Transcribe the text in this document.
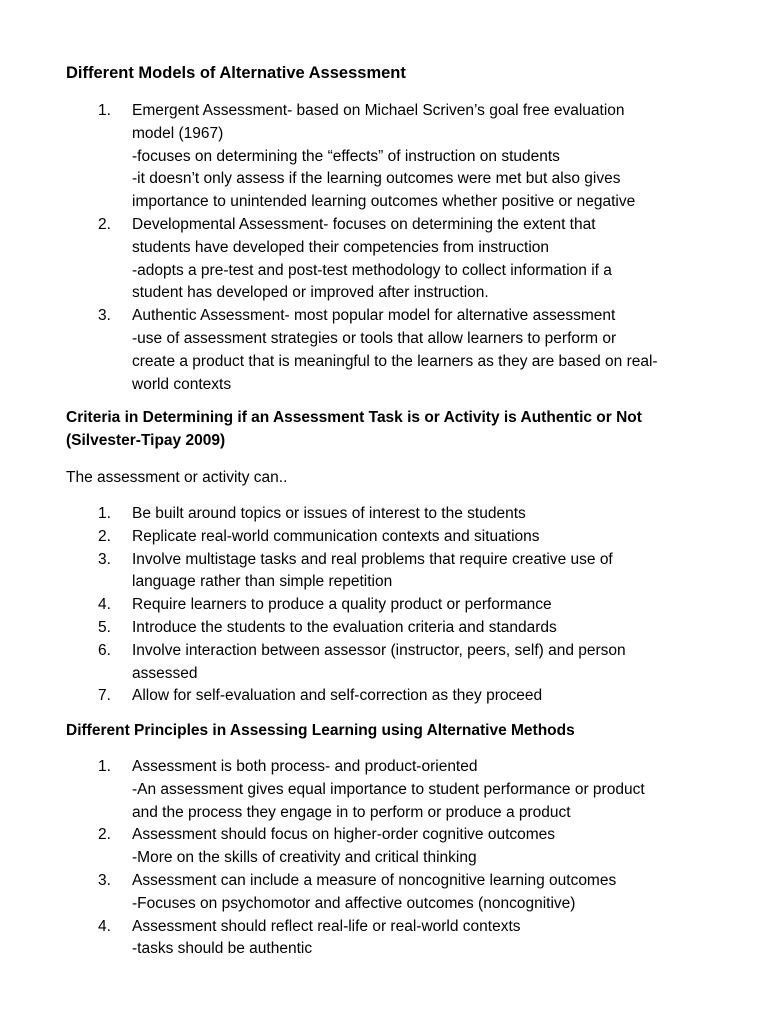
Different Models of Alternative Assessment
1. Emergent Assessment- based on Michael Scriven’s goal free evaluation
model (1967)
-focuses on determining the “effects” of instruction on students
-it doesn’t only assess if the learning outcomes were met but also gives
importance to unintended learning outcomes whether positive or negative
2. Developmental Assessment- focuses on determining the extent that
students have developed their competencies from instruction
-adopts a pre-test and post-test methodology to collect information if a
student has developed or improved after instruction.
3. Authentic Assessment- most popular model for alternative assessment
-use of assessment strategies or tools that allow learners to perform or
create a product that is meaningful to the learners as they are based on real-
world contexts
Criteria in Determining if an Assessment Task is or Activity is Authentic or Not
(Silvester-Tipay 2009)

The assessment or activity can..

1. Be built around topics or issues of interest to the students
2. Replicate real-world communication contexts and situations
3. Involve multistage tasks and real problems that require creative use of
language rather than simple repetition
4. Require learners to produce a quality product or performance
5. Introduce the students to the evaluation criteria and standards
6. Involve interaction between assessor (instructor, peers, self) and person
assessed
7. Allow for self-evaluation and self-correction as they proceed
Different Principles in Assessing Learning using Alternative Methods
1. Assessment is both process- and product-oriented
-An assessment gives equal importance to student performance or product
and the process they engage in to perform or produce a product
2. Assessment should focus on higher-order cognitive outcomes
-More on the skills of creativity and critical thinking
3. Assessment can include a measure of noncognitive learning outcomes
-Focuses on psychomotor and affective outcomes (noncognitive)
4. Assessment should reflect real-life or real-world contexts
-tasks should be authentic
